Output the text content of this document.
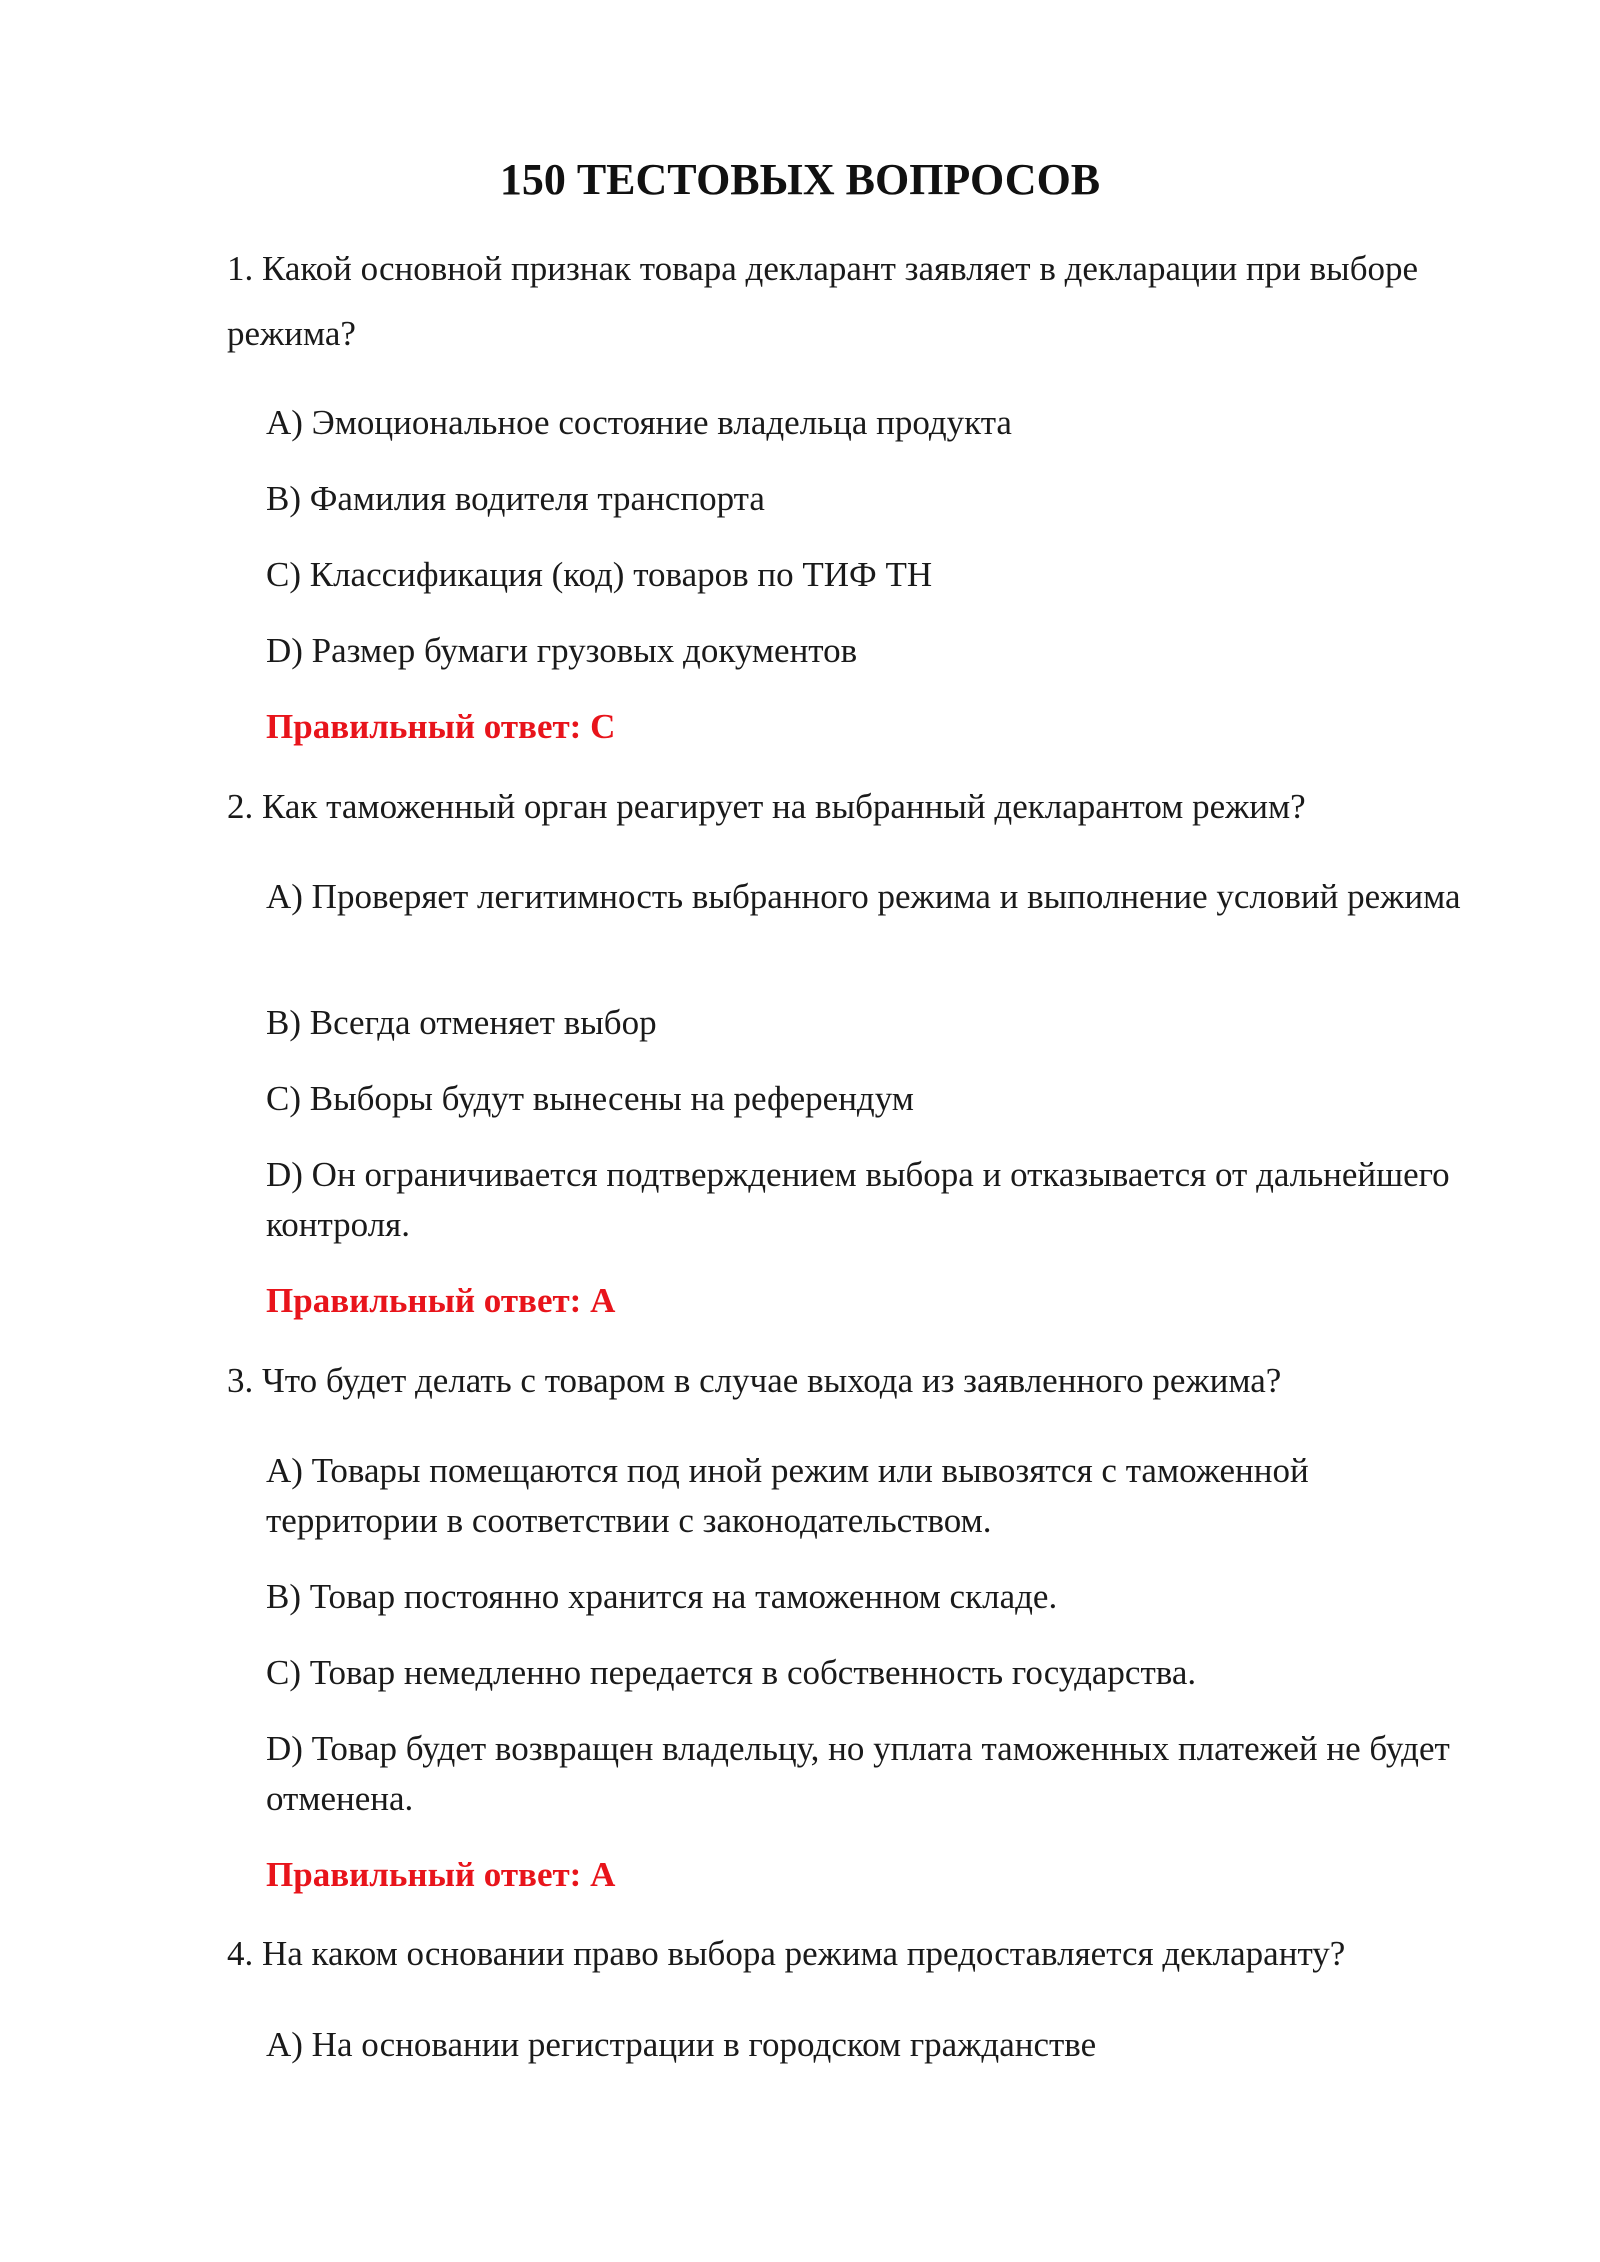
150 ТЕСТОВЫХ ВОПРОСОВ

1. Какой основной признак товара декларант заявляет в декларации при выборе режима?

A) Эмоциональное состояние владельца продукта

B) Фамилия водителя транспорта

C) Классификация (код) товаров по ТИФ ТН

D) Размер бумаги грузовых документов

Правильный ответ: C

2. Как таможенный орган реагирует на выбранный декларантом режим?

A) Проверяет легитимность выбранного режима и выполнение условий режима

B) Всегда отменяет выбор

C) Выборы будут вынесены на референдум

D) Он ограничивается подтверждением выбора и отказывается от дальнейшего контроля.

Правильный ответ: A

3. Что будет делать с товаром в случае выхода из заявленного режима?

A) Товары помещаются под иной режим или вывозятся с таможенной территории в соответствии с законодательством.

B) Товар постоянно хранится на таможенном складе.

C) Товар немедленно передается в собственность государства.

D) Товар будет возвращен владельцу, но уплата таможенных платежей не будет отменена.

Правильный ответ: A

4. На каком основании право выбора режима предоставляется декларанту?

A) На основании регистрации в городском гражданстве
